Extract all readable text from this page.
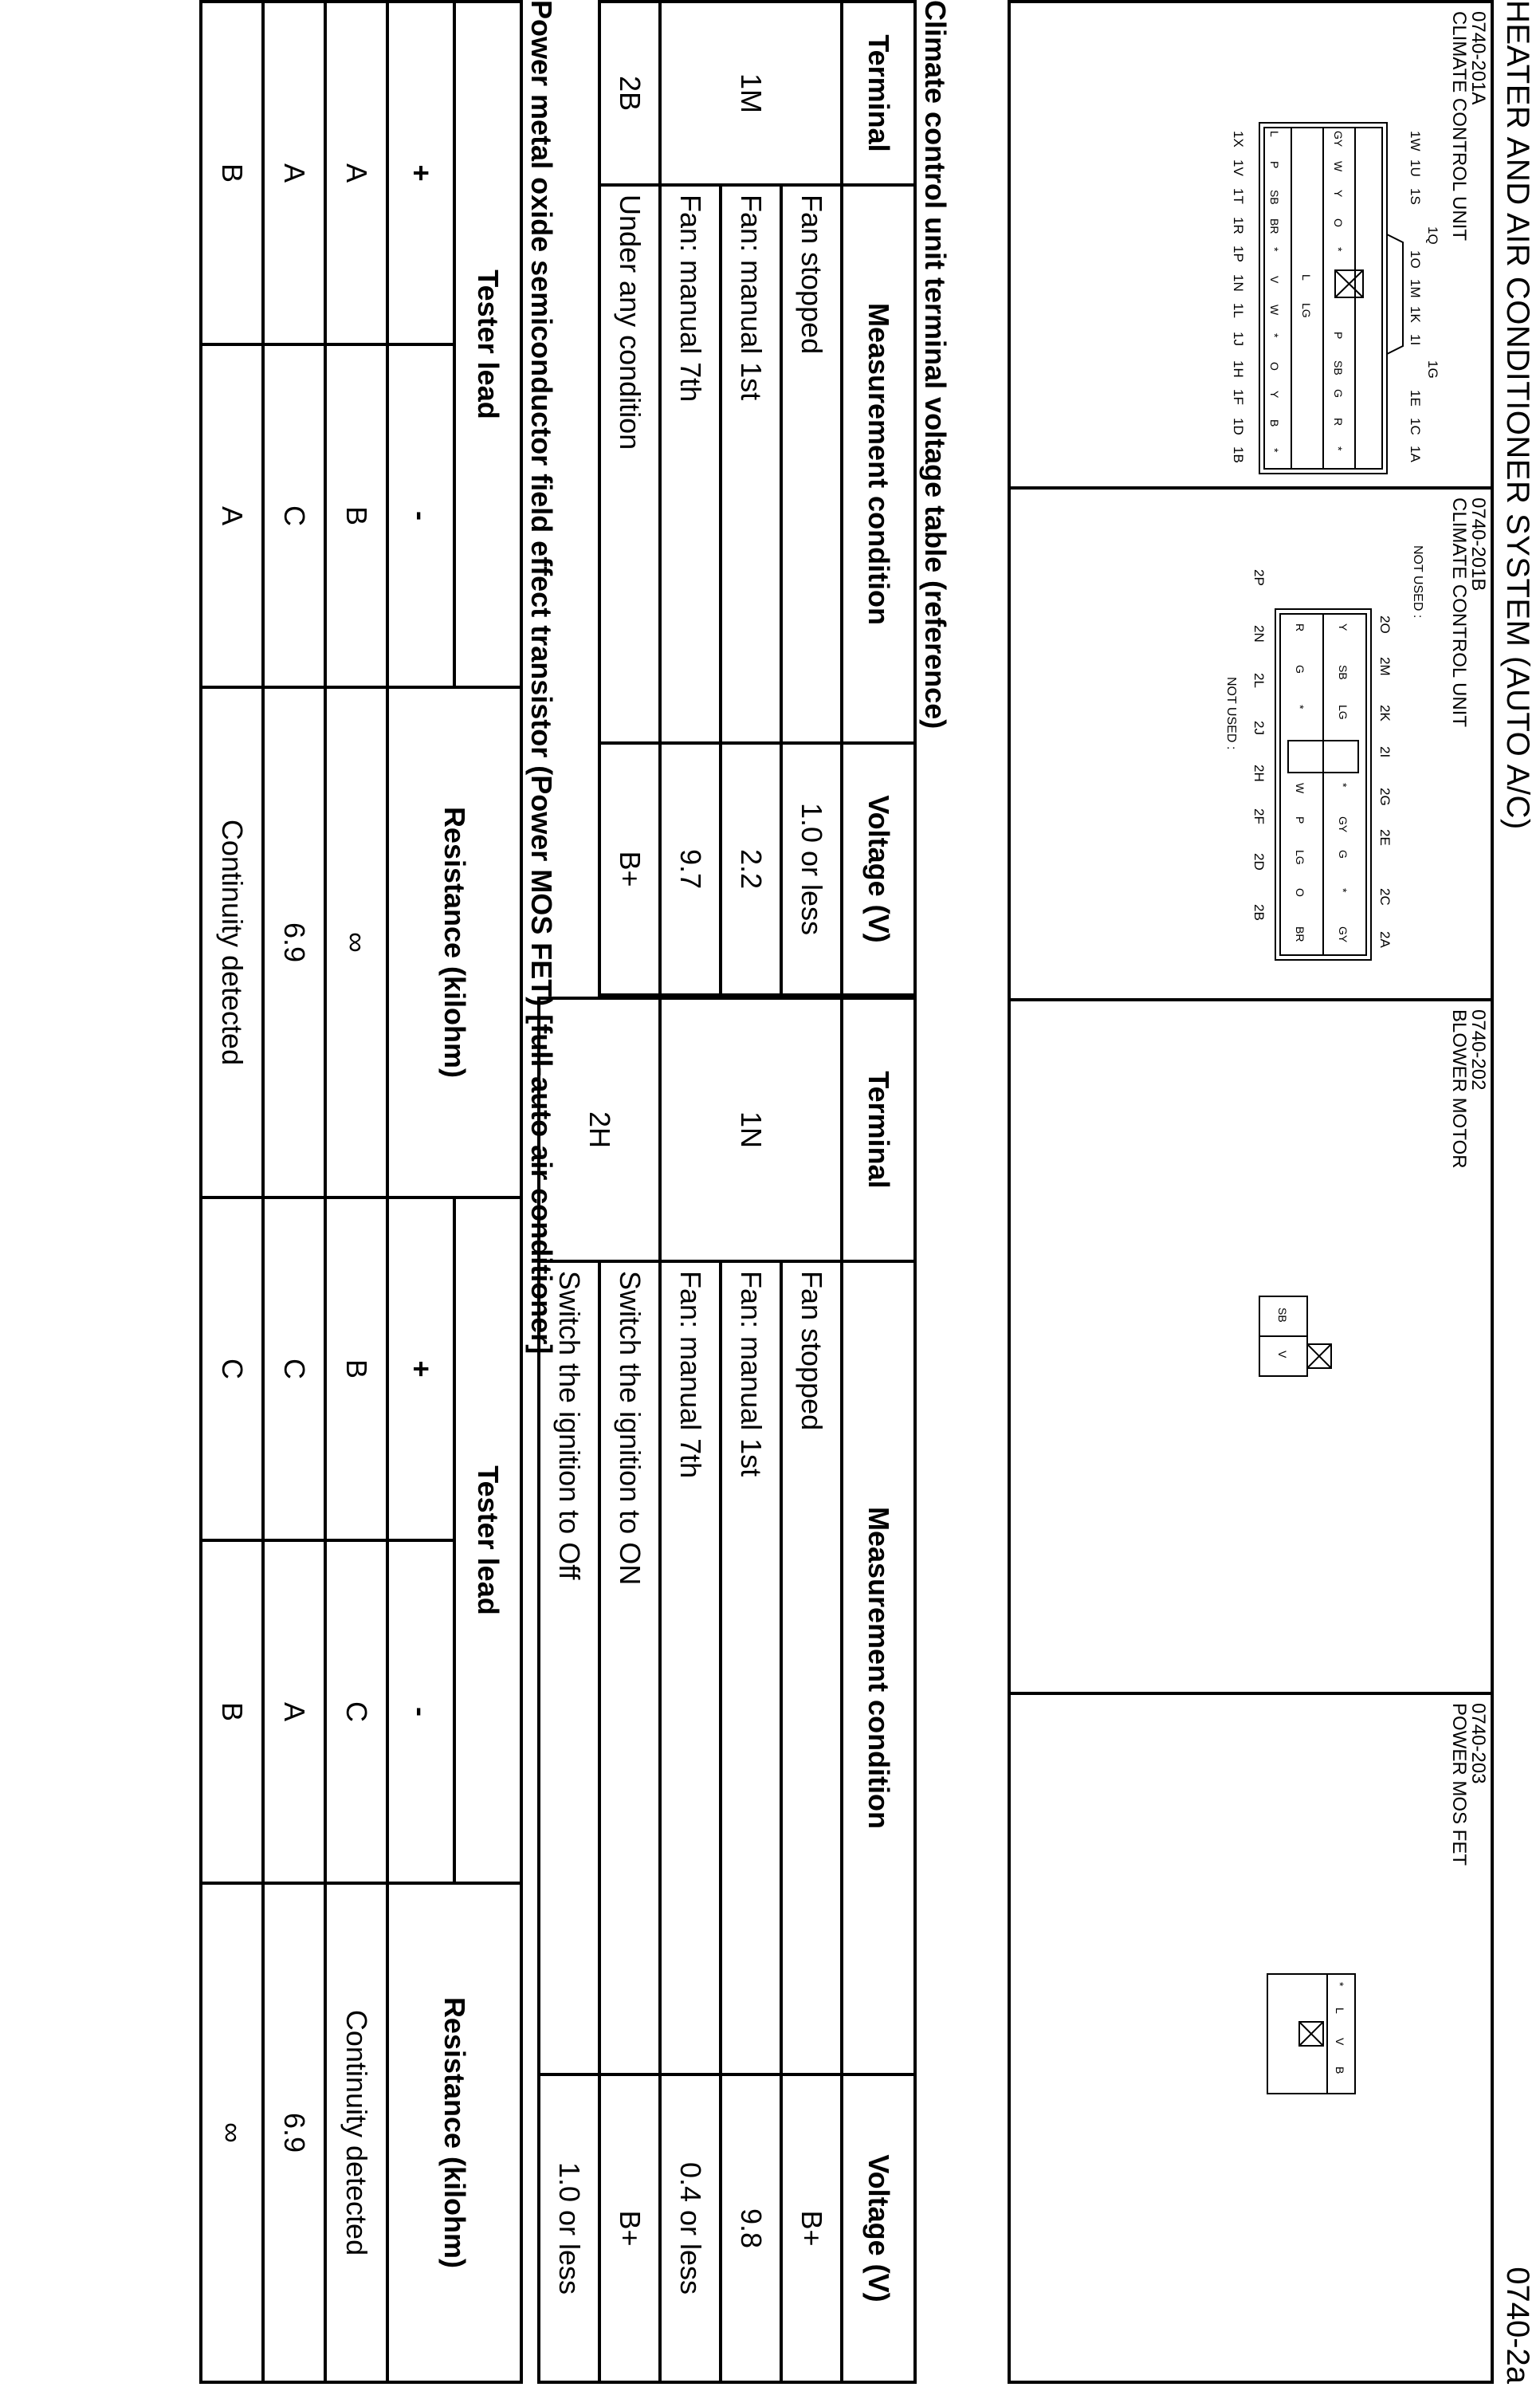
HEATER AND AIR CONDITIONER SYSTEM (AUTO A/C)
0740-2a
0740-201A
CLIMATE CONTROL UNIT
1W
1U
1S
1Q
1O
1M
1K
1I
1G
1E
1C
1A
1X
1V
1T
1R
1P
1N
1L
1J
1H
1F
1D
1B
GY
W
Y
O
*
P
SB
G
R
*
L
LG
L
P
SB
BR
*
V
W
*
O
Y
B
*
0740-201B
CLIMATE CONTROL UNIT
NOT USED :
NOT USED :
2O
2M
2K
2I
2G
2E
2C
2A
2P
2N
2L
2J
2H
2F
2D
2B
Y
SB
LG
*
GY
G
*
GY
R
G
*
W
P
LG
O
BR
0740-202
BLOWER MOTOR
SB
V
0740-203
POWER MOS FET
*
L
V
B
Climate control unit terminal voltage table (reference)
Terminal	Measurement condition	Voltage (V)
1M	Fan stopped	1.0 or less
	Fan: manual 1st	2.2
	Fan: manual 7th	9.7
2B	Under any condition	B+
Terminal	Measurement condition	Voltage (V)
1N	Fan stopped	B+
	Fan: manual 1st	9.8
	Fan: manual 7th	0.4 or less
2H	Switch the ignition to ON	B+
	Switch the ignition to Off	1.0 or less
Power metal oxide semiconductor field effect transistor (Power MOS FET) [full-auto air conditioner]
Tester lead		Resistance (kilohm)	Tester lead		Resistance (kilohm)
+	-		+	-	
A	B	∞	B	C	Continuity detected
A	C	6.9	C	A	6.9
B	A	Continuity detected	C	B	∞
